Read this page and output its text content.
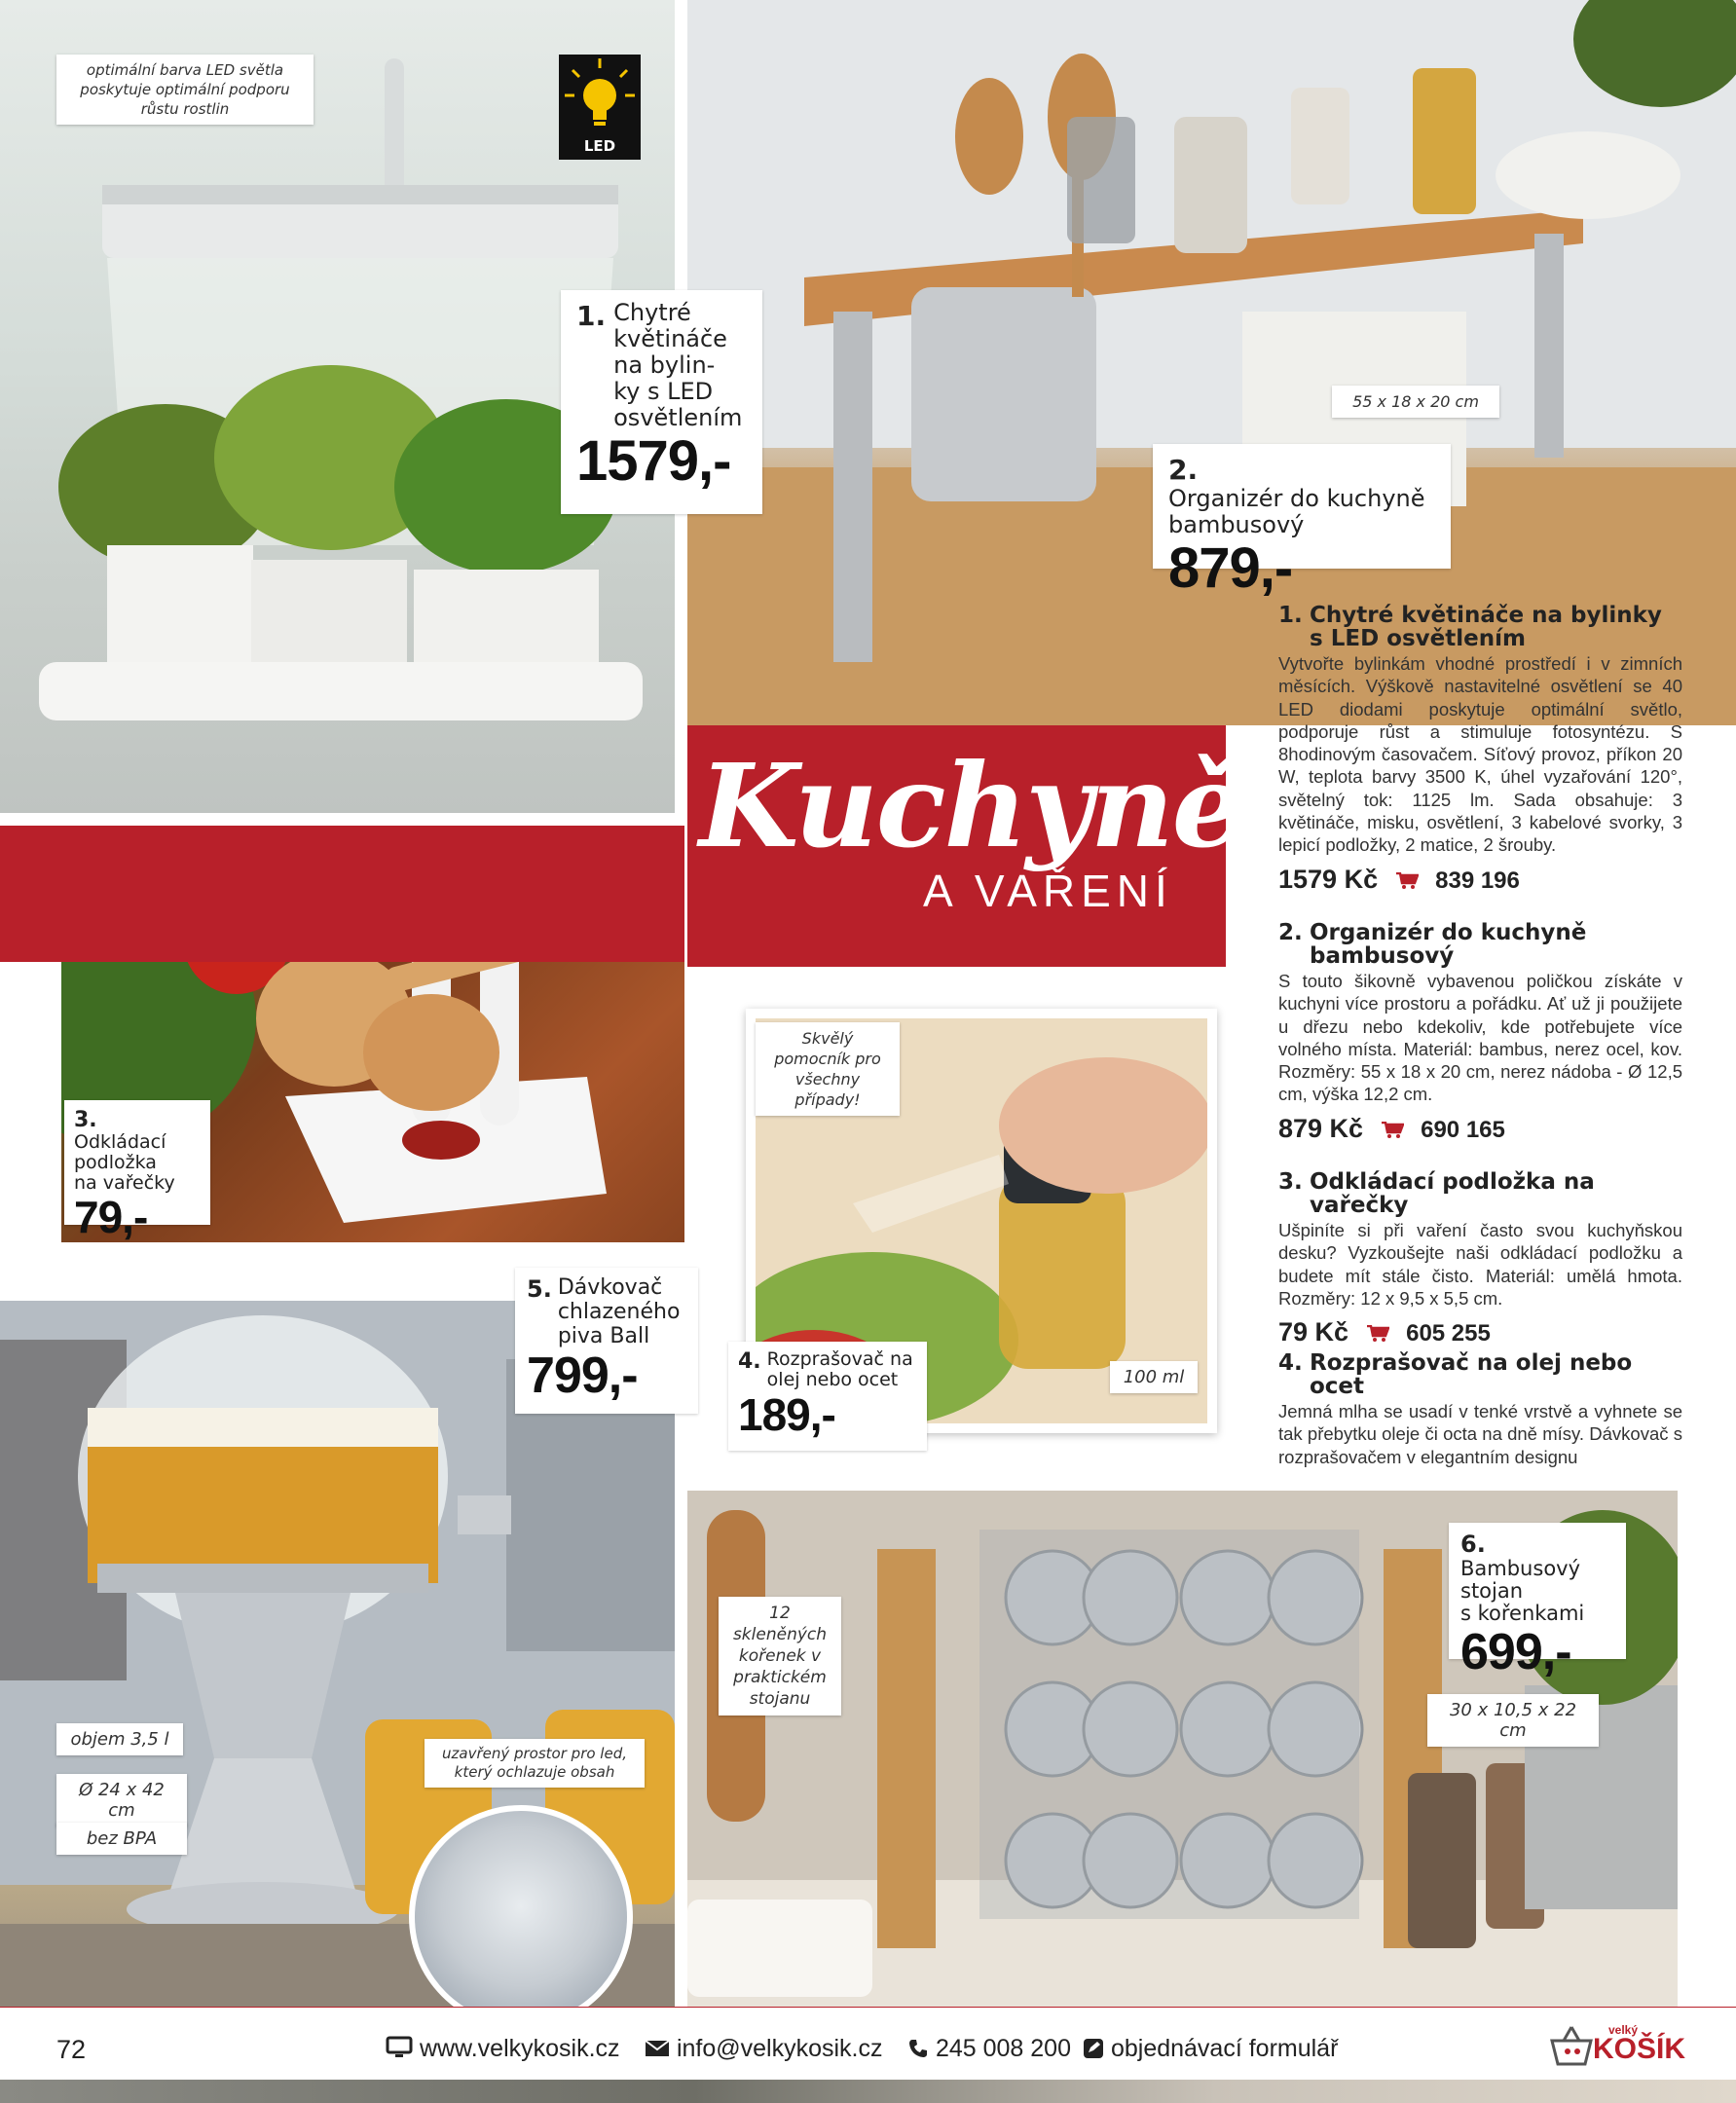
Kuchyně
A VAŘENÍ
optimální barva LED světla poskytuje optimální podporu růstu rostlin
LED
1. Chytré
květináče
na bylin-
ky s LED
osvětlením
1579,-	2.Organizér do kuchyně
bambusový
879,-
3.Odkládací
podložka
na vařečky
79,-
4. Rozprašovač na
olej nebo ocet
189,-
5. Dávkovač
chlazeného
piva Ball
799,-
6.Bambusový
stojan
s kořenkami
699,-
55 x 18 x 20 cm
Skvělý pomocník pro všechny případy!
100 ml
objem 3,5 l
Ø 24 x 42 cm
bez BPA
uzavřený prostor pro led, který ochlazuje obsah
12 skleněných kořenek v praktickém stojanu
30 x 10,5 x 22 cm
1. Chytré květináče na bylinky
s LED osvětlením
Vytvořte bylinkám vhodné prostředí i v zimních měsících. Výškově nastavitelné osvětlení se 40 LED diodami poskytuje optimální světlo, podporuje růst a stimuluje fotosyntézu. S 8hodinovým časovačem. Síťový provoz, příkon 20 W, teplota barvy 3500 K, úhel vyzařování 120°, světelný tok: 1125 lm. Sada obsahuje: 3 květináče, misku, osvětlení, 3 kabelové svorky, 3 lepicí podložky, 2 matice, 2 šrouby.
1579 Kč 839 196
2. Organizér do kuchyně
bambusový
S touto šikovně vybavenou poličkou získáte v kuchyni více prostoru a pořádku. Ať už ji použijete u dřezu nebo kdekoliv, kde potřebujete více volného místa. Materiál: bambus, nerez ocel, kov. Rozměry: 55 x 18 x 20 cm, nerez nádoba - Ø 12,5 cm, výška 12,2 cm.
879 Kč 690 165
3. Odkládací podložka na vařečky
Ušpiníte si při vaření často svou kuchyňskou desku? Vyzkoušejte naši odkládací podložku a budete mít stále čisto. Materiál: umělá hmota. Rozměry: 12 x 9,5 x 5,5 cm.
79 Kč 605 255
4. Rozprašovač na olej nebo ocet
Jemná mlha se usadí v tenké vrstvě a vyhnete se tak přebytku oleje či octa na dně mísy. Dávkovač s rozprašovačem v elegantním designu
72	www.velkykosik.cz	info@velkykosik.cz	245 008 200	objednávací formulář
velký
KOŠÍK
